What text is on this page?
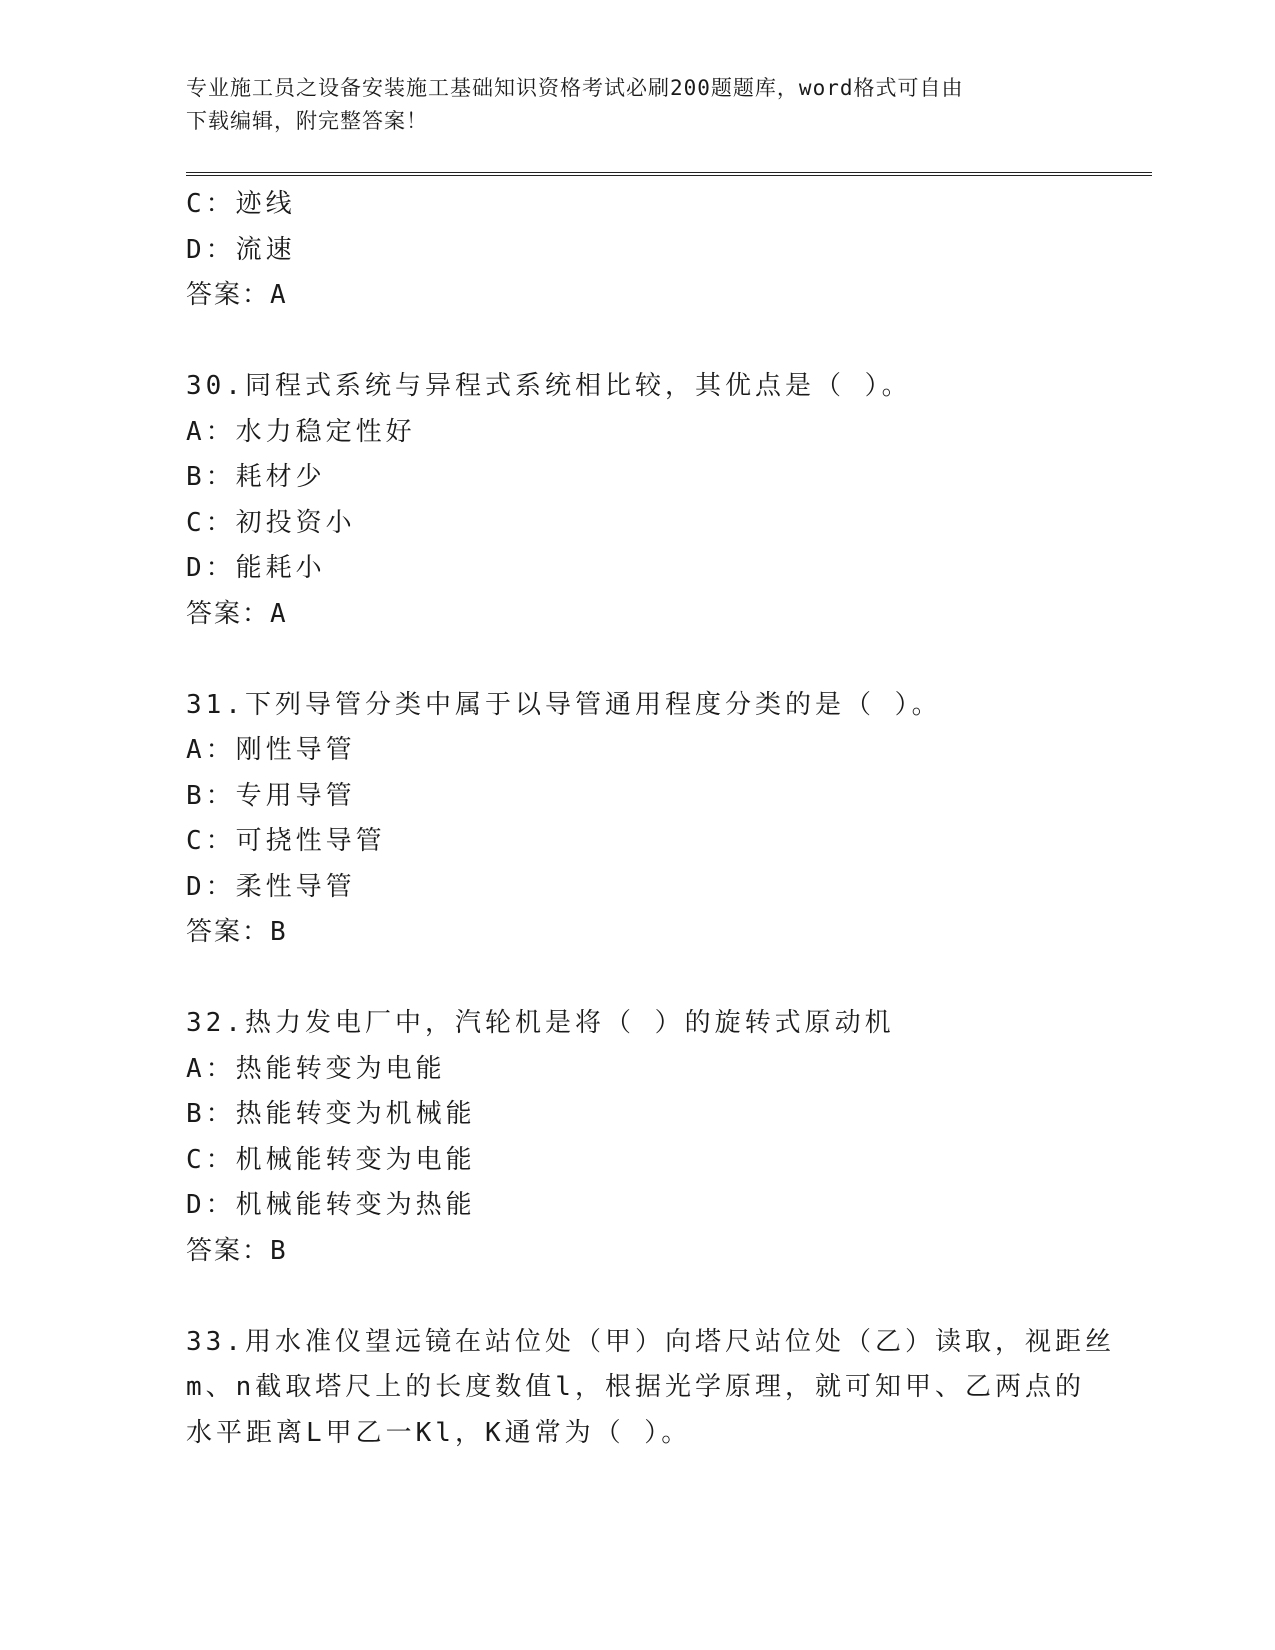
专业施工员之设备安装施工基础知识资格考试必刷200题题库，word格式可自由
下载编辑，附完整答案！
C：迹线
D：流速
答案：A
30.同程式系统与异程式系统相比较，其优点是（ ）。
A：水力稳定性好
B：耗材少
C：初投资小
D：能耗小
答案：A
31.下列导管分类中属于以导管通用程度分类的是（ ）。
A：刚性导管
B：专用导管
C：可挠性导管
D：柔性导管
答案：B
32.热力发电厂中，汽轮机是将（ ）的旋转式原动机
A：热能转变为电能
B：热能转变为机械能
C：机械能转变为电能
D：机械能转变为热能
答案：B
33.用水准仪望远镜在站位处（甲）向塔尺站位处（乙）读取，视距丝
m、n截取塔尺上的长度数值l，根据光学原理，就可知甲、乙两点的
水平距离L甲乙一Kl，K通常为（ ）。
